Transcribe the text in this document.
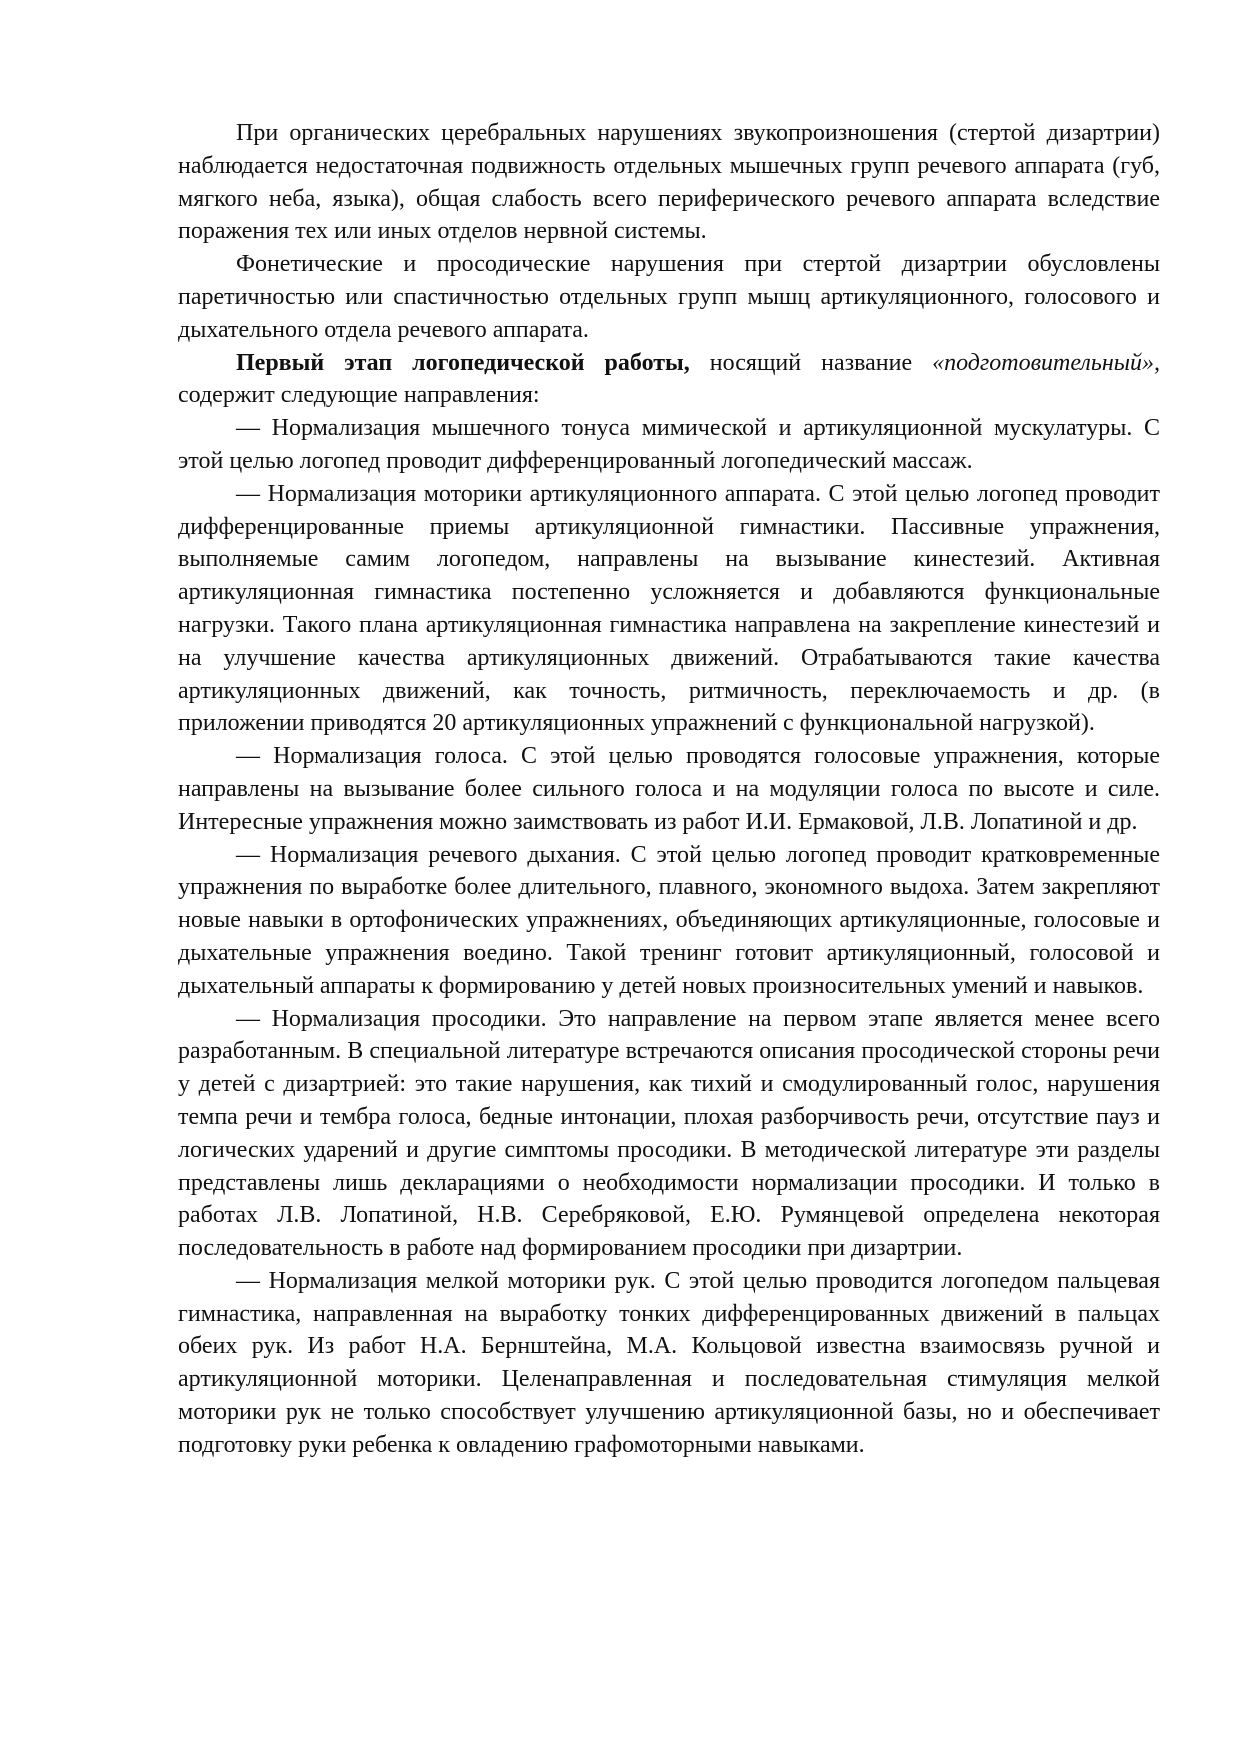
При органических церебральных нарушениях звукопроизношения (стертой дизартрии) наблюдается недостаточная подвижность отдельных мышечных групп речевого аппарата (губ, мягкого неба, языка), общая слабость всего периферического речевого аппарата вследствие поражения тех или иных отделов нервной системы.

Фонетические и просодические нарушения при стертой дизартрии обусловлены паретичностью или спастичностью отдельных групп мышц артикуляционного, голосового и дыхательного отдела речевого аппарата.

Первый этап логопедической работы, носящий название «подготовительный», содержит следующие направления:

— Нормализация мышечного тонуса мимической и артикуляционной мускулатуры. С этой целью логопед проводит дифференцированный логопедический массаж.

— Нормализация моторики артикуляционного аппарата. С этой целью логопед проводит дифференцированные приемы артикуляционной гимнастики. Пассивные упражнения, выполняемые самим логопедом, направлены на вызывание кинестезий. Активная артикуляционная гимнастика постепенно усложняется и добавляются функциональные нагрузки. Такого плана артикуляционная гимнастика направлена на закрепление кинестезий и на улучшение качества артикуляционных движений. Отрабатываются такие качества артикуляционных движений, как точность, ритмичность, переключаемость и др. (в приложении приводятся 20 артикуляционных упражнений с функциональной нагрузкой).

— Нормализация голоса. С этой целью проводятся голосовые упражнения, которые направлены на вызывание более сильного голоса и на модуляции голоса по высоте и силе. Интересные упражнения можно заимствовать из работ И.И. Ермаковой, Л.В. Лопатиной и др.

— Нормализация речевого дыхания. С этой целью логопед проводит кратковременные упражнения по выработке более длительного, плавного, экономного выдоха. Затем закрепляют новые навыки в ортофонических упражнениях, объединяющих артикуляционные, голосовые и дыхательные упражнения воедино. Такой тренинг готовит артикуляционный, голосовой и дыхательный аппараты к формированию у детей новых произносительных умений и навыков.

— Нормализация просодики. Это направление на первом этапе является менее всего разработанным. В специальной литературе встречаются описания просодической стороны речи у детей с дизартрией: это такие нарушения, как тихий и смодулированный голос, нарушения темпа речи и тембра голоса, бедные интонации, плохая разборчивость речи, отсутствие пауз и логических ударений и другие симптомы просодики. В методической литературе эти разделы представлены лишь декларациями о необходимости нормализации просодики. И только в работах Л.В. Лопатиной, Н.В. Серебряковой, Е.Ю. Румянцевой определена некоторая последовательность в работе над формированием просодики при дизартрии.

— Нормализация мелкой моторики рук. С этой целью проводится логопедом пальцевая гимнастика, направленная на выработку тонких дифференцированных движений в пальцах обеих рук. Из работ Н.А. Бернштейна, М.А. Кольцовой известна взаимосвязь ручной и артикуляционной моторики. Целенаправленная и последовательная стимуляция мелкой моторики рук не только способствует улучшению артикуляционной базы, но и обеспечивает подготовку руки ребенка к овладению графомоторными навыками.
